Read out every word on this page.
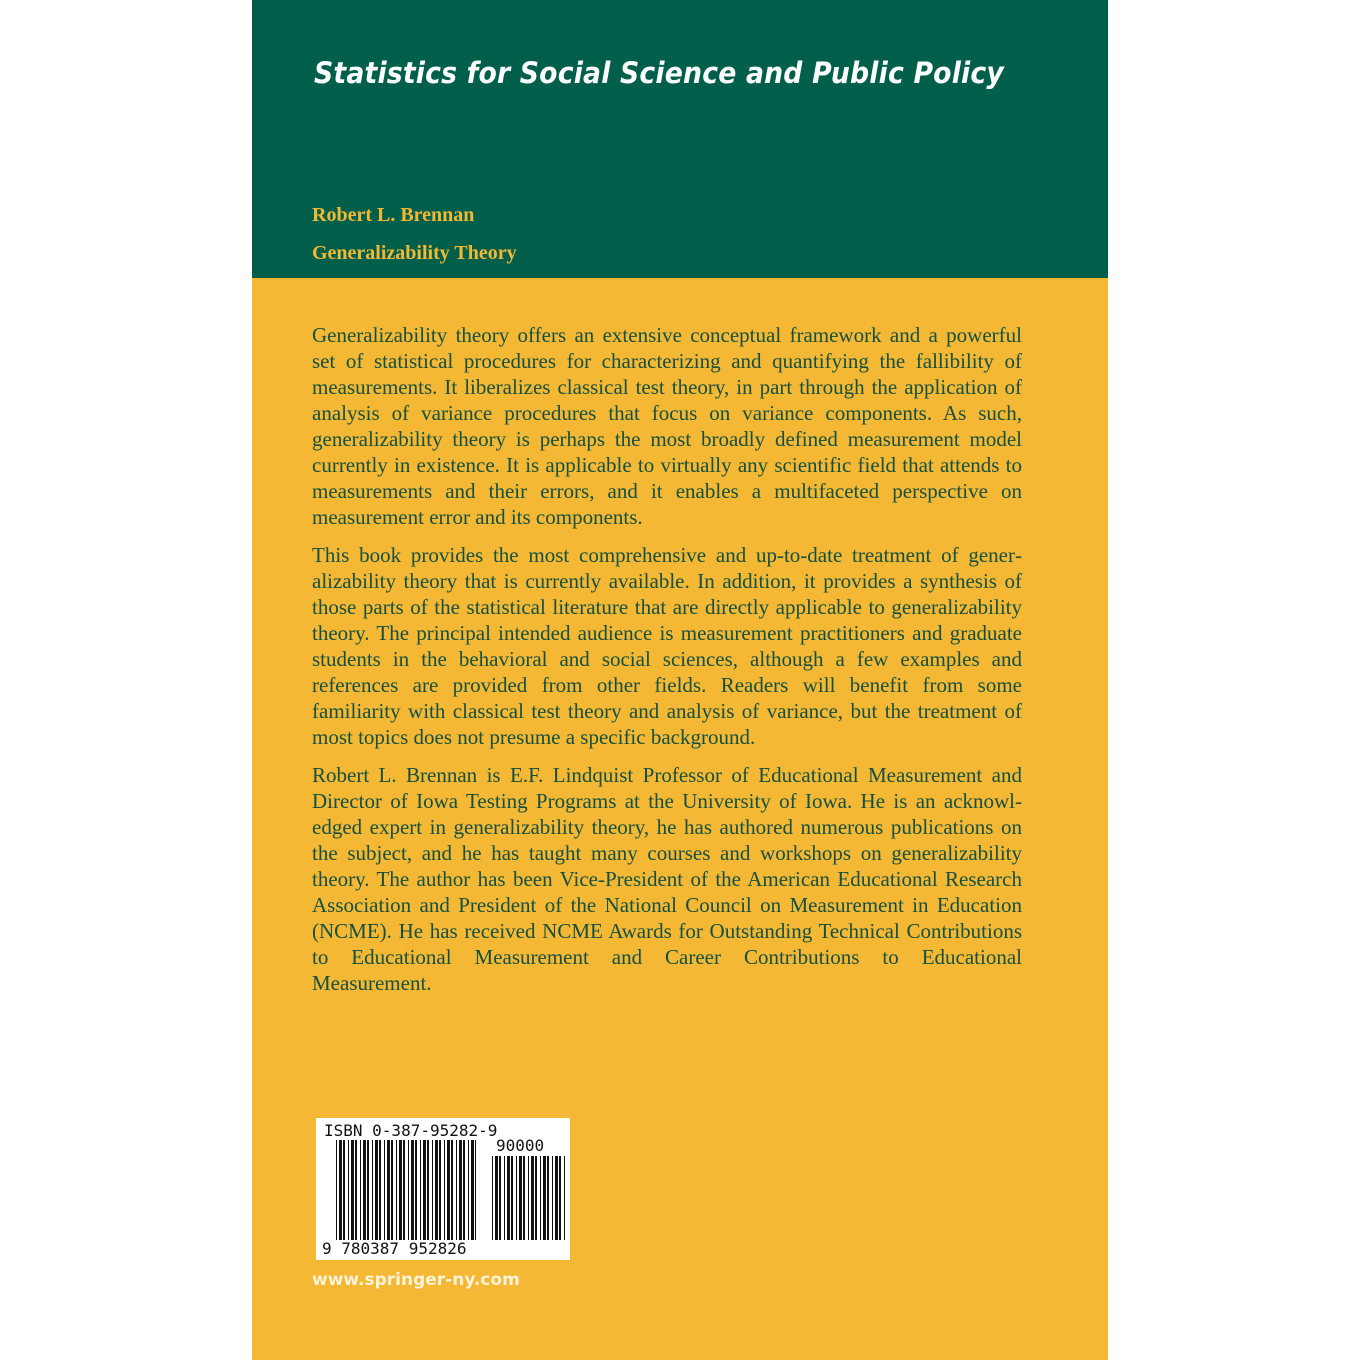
Statistics for Social Science and Public Policy
Robert L. Brennan
Generalizability Theory

Generalizability theory offers an extensive conceptual framework and a powerful set of statistical procedures for characterizing and quantifying the fallibility of measurements. It liberalizes classical test theory, in part through the application of analysis of variance procedures that focus on variance components. As such, generalizability theory is perhaps the most broadly defined measurement model currently in existence. It is applicable to virtually any scientific field that attends to measurements and their errors, and it enables a multifaceted perspective on measurement error and its components.

This book provides the most comprehensive and up-to-date treatment of generalizability theory that is currently available. In addition, it provides a synthesis of those parts of the statistical literature that are directly applicable to generalizability theory. The principal intended audience is measurement practitioners and graduate students in the behavioral and social sciences, although a few examples and references are provided from other fields. Readers will benefit from some familiarity with classical test theory and analysis of variance, but the treatment of most topics does not presume a specific background.

Robert L. Brennan is E.F. Lindquist Professor of Educational Measurement and Director of Iowa Testing Programs at the University of Iowa. He is an acknowledged expert in generalizability theory, he has authored numerous publications on the subject, and he has taught many courses and workshops on generalizability theory. The author has been Vice-President of the American Educational Research Association and President of the National Council on Measurement in Education (NCME). He has received NCME Awards for Outstanding Technical Contributions to Educational Measurement and Career Contributions to Educational Measurement.

ISBN 0-387-95282-9
90000
9 780387 952826
www.springer-ny.com
